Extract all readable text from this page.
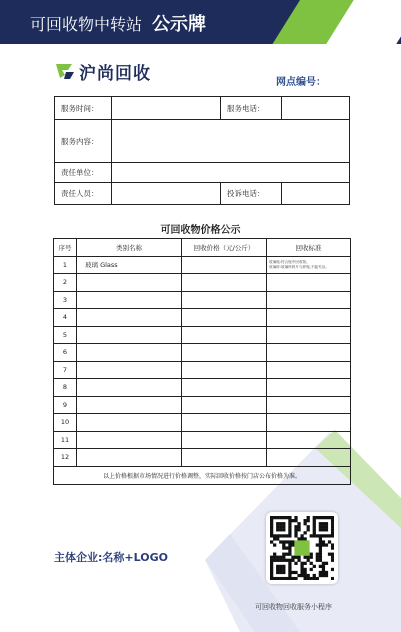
可回收物中转站 公示牌
沪尚回收	网点编号：
服务时间：		服务电话：	
服务内容：			
责任单位：			
责任人员：		投诉电话：	
可回收物价格公示
序号	类别名称	回收价格（元/公斤）	回收标准
1	玻璃 Glass		玻璃瓶:符合瓶中回收物。
玻璃碎:玻璃杯碎片与碎瓶,不能夹杂。

2			

3			

4			

5			

6			

7			

8			

9			

10			

11			

12			

以上价格根据市场情况进行价格调整，实际回收价格按门店公布价格为准。			
主体企业:名称+LOGO
可回收物回收服务小程序
